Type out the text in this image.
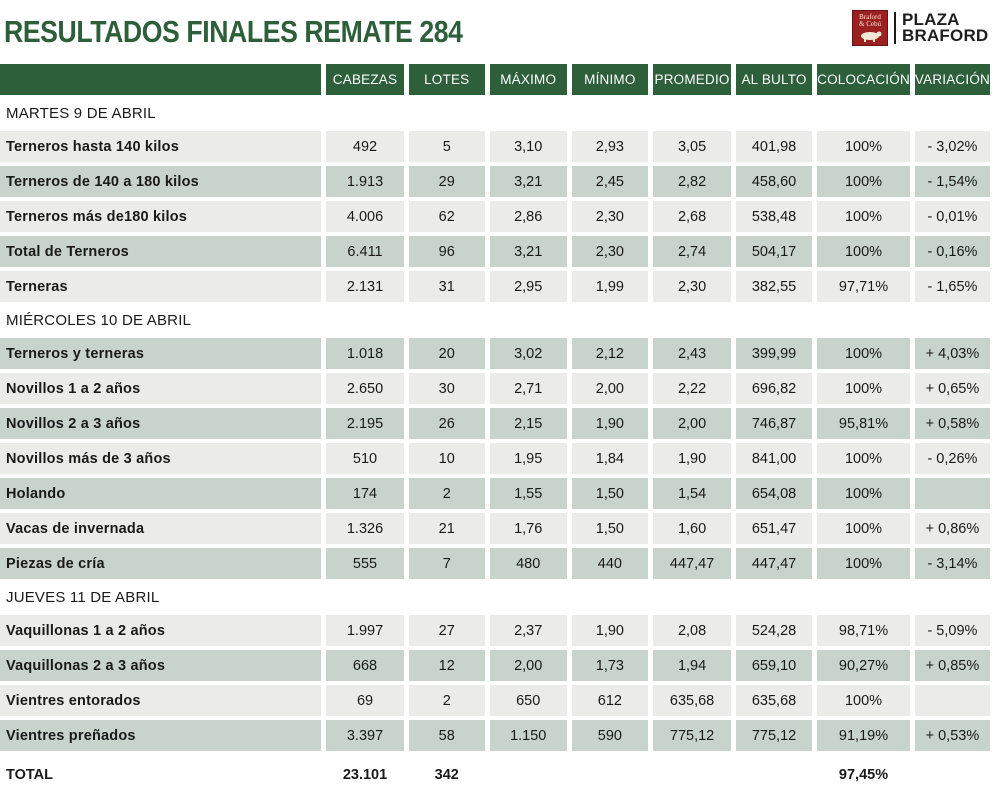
RESULTADOS FINALES REMATE 284	Braford
& Cebú PLAZA
BRAFORD
	CABEZAS	LOTES	MÁXIMO	MÍNIMO	PROMEDIO	AL BULTO	COLOCACIÓN	VARIACIÓN
MARTES 9 DE ABRIL								
Terneros hasta 140 kilos	492	5	3,10	2,93	3,05	401,98	100%	- 3,02%

Terneros de 140 a 180 kilos	1.913	29	3,21	2,45	2,82	458,60	100%	- 1,54%

Terneros más de180 kilos	4.006	62	2,86	2,30	2,68	538,48	100%	- 0,01%

Total de Terneros	6.411	96	3,21	2,30	2,74	504,17	100%	- 0,16%

Terneras	2.131	31	2,95	1,99	2,30	382,55	97,71%	- 1,65%
MIÉRCOLES 10 DE ABRIL								
Terneros y terneras	1.018	20	3,02	2,12	2,43	399,99	100%	+ 4,03%

Novillos 1 a 2 años	2.650	30	2,71	2,00	2,22	696,82	100%	+ 0,65%

Novillos 2 a 3 años	2.195	26	2,15	1,90	2,00	746,87	95,81%	+ 0,58%

Novillos más de 3 años	510	10	1,95	1,84	1,90	841,00	100%	- 0,26%

Holando	174	2	1,55	1,50	1,54	654,08	100%	

Vacas de invernada	1.326	21	1,76	1,50	1,60	651,47	100%	+ 0,86%

Piezas de cría	555	7	480	440	447,47	447,47	100%	- 3,14%
JUEVES 11 DE ABRIL								
Vaquillonas 1 a 2 años	1.997	27	2,37	1,90	2,08	524,28	98,71%	- 5,09%

Vaquillonas 2 a 3 años	668	12	2,00	1,73	1,94	659,10	90,27%	+ 0,85%

Vientres entorados	69	2	650	612	635,68	635,68	100%	

Vientres preñados	3.397	58	1.150	590	775,12	775,12	91,19%	+ 0,53%
TOTAL	23.101	342					97,45%	
